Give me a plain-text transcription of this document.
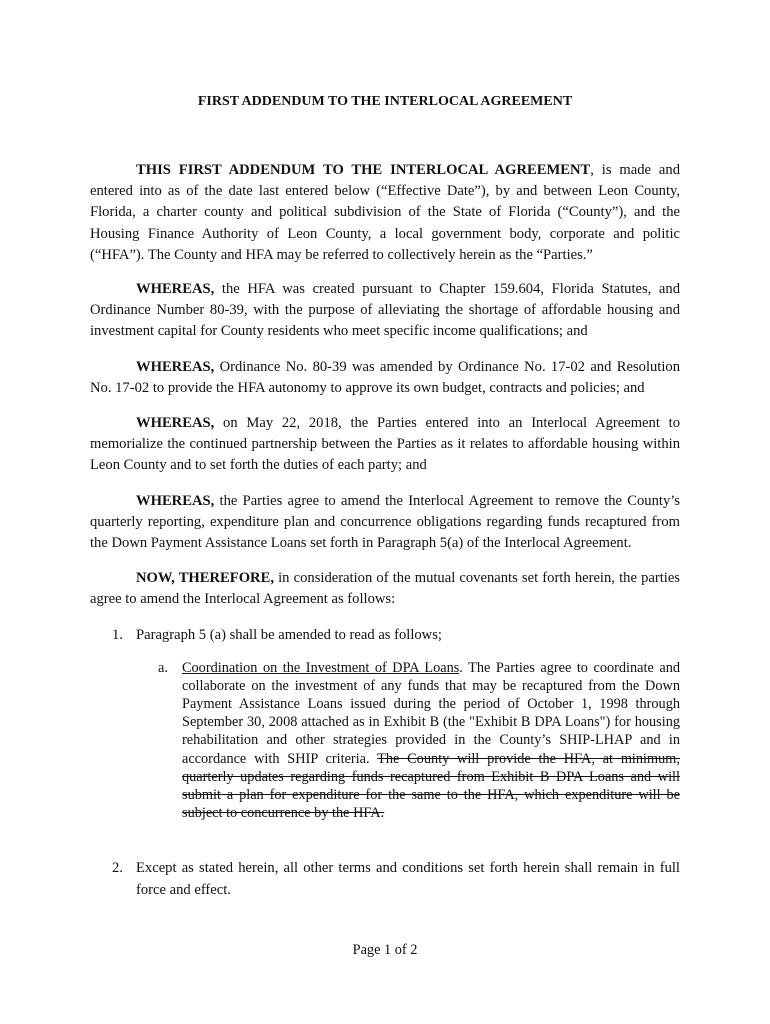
FIRST ADDENDUM TO THE INTERLOCAL AGREEMENT

THIS FIRST ADDENDUM TO THE INTERLOCAL AGREEMENT, is made and entered into as of the date last entered below (“Effective Date”), by and between Leon County, Florida, a charter county and political subdivision of the State of Florida (“County”), and the Housing Finance Authority of Leon County, a local government body, corporate and politic (“HFA”). The County and HFA may be referred to collectively herein as the “Parties.”

WHEREAS, the HFA was created pursuant to Chapter 159.604, Florida Statutes, and Ordinance Number 80-39, with the purpose of alleviating the shortage of affordable housing and investment capital for County residents who meet specific income qualifications; and

WHEREAS, Ordinance No. 80-39 was amended by Ordinance No. 17-02 and Resolution No. 17-02 to provide the HFA autonomy to approve its own budget, contracts and policies; and

WHEREAS, on May 22, 2018, the Parties entered into an Interlocal Agreement to memorialize the continued partnership between the Parties as it relates to affordable housing within Leon County and to set forth the duties of each party; and

WHEREAS, the Parties agree to amend the Interlocal Agreement to remove the County’s quarterly reporting, expenditure plan and concurrence obligations regarding funds recaptured from the Down Payment Assistance Loans set forth in Paragraph 5(a) of the Interlocal Agreement.

NOW, THEREFORE, in consideration of the mutual covenants set forth herein, the parties agree to amend the Interlocal Agreement as follows:

1. Paragraph 5 (a) shall be amended to read as follows;
a. Coordination on the Investment of DPA Loans. The Parties agree to coordinate and collaborate on the investment of any funds that may be recaptured from the Down Payment Assistance Loans issued during the period of October 1, 1998 through September 30, 2008 attached as in Exhibit B (the "Exhibit B DPA Loans") for housing rehabilitation and other strategies provided in the County’s SHIP-LHAP and in accordance with SHIP criteria. The County will provide the HFA, at minimum, quarterly updates regarding funds recaptured from Exhibit B DPA Loans and will submit a plan for expenditure for the same to the HFA, which expenditure will be subject to concurrence by the HFA.
2. Except as stated herein, all other terms and conditions set forth herein shall remain in full force and effect.
Page 1 of 2
